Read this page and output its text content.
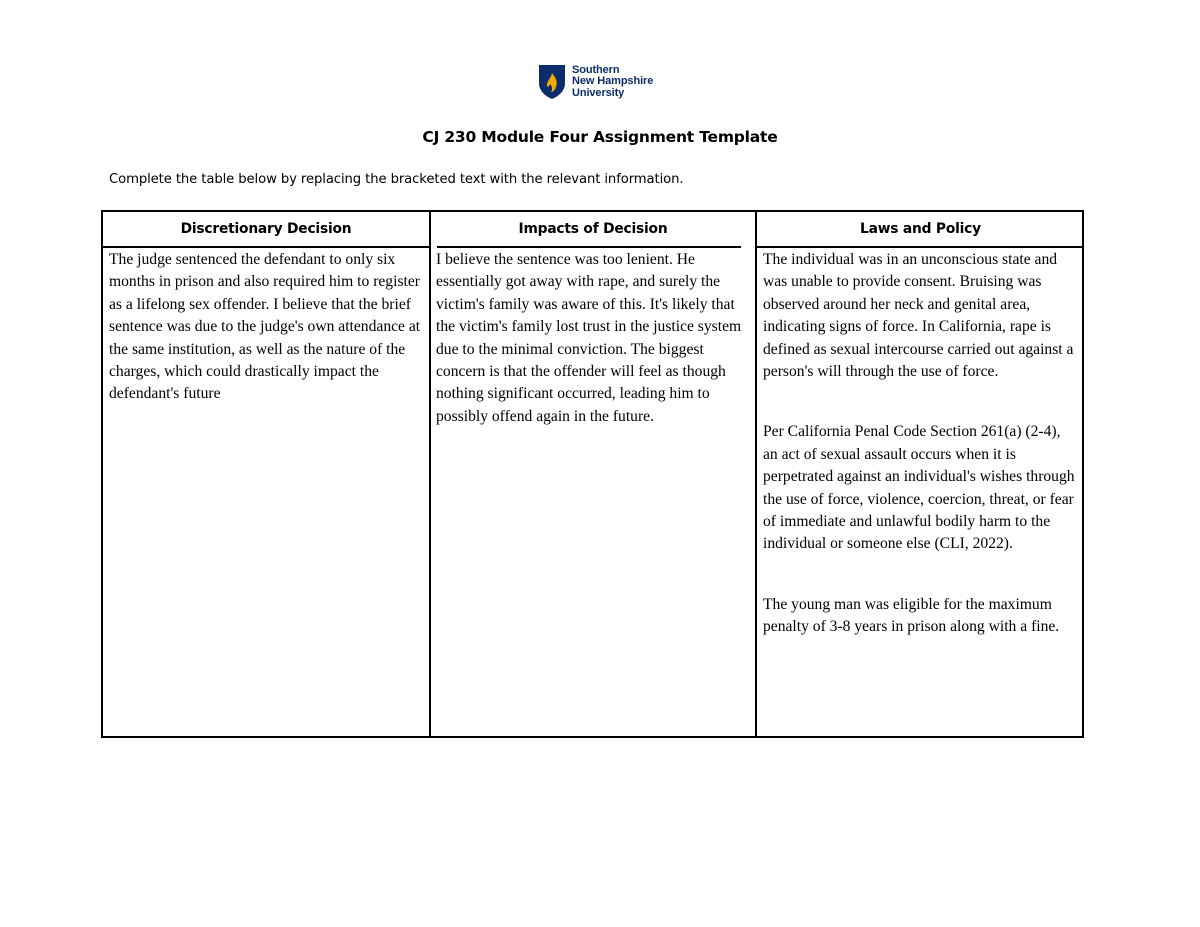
Southern
New Hampshire
University
CJ 230 Module Four Assignment Template
Complete the table below by replacing the bracketed text with the relevant information.
Discretionary Decision	Impacts of Decision	Laws and Policy
The judge sentenced the defendant to only six months in prison and also required him to register as a lifelong sex offender. I believe that the brief sentence was due to the judge's own attendance at the same institution, as well as the nature of the charges, which could drastically impact the defendant's future
I believe the sentence was too lenient. He essentially got away with rape, and surely the victim's family was aware of this. It's likely that the victim's family lost trust in the justice system due to the minimal conviction. The biggest concern is that the offender will feel as though nothing significant occurred, leading him to possibly offend again in the future.

The individual was in an unconscious state and was unable to provide consent. Bruising was observed around her neck and genital area, indicating signs of force. In California, rape is defined as sexual intercourse carried out against a person's will through the use of force.

Per California Penal Code Section 261(a) (2-4), an act of sexual assault occurs when it is perpetrated against an individual's wishes through the use of force, violence, coercion, threat, or fear of immediate and unlawful bodily harm to the individual or someone else (CLI, 2022).

The young man was eligible for the maximum penalty of 3-8 years in prison along with a fine.
